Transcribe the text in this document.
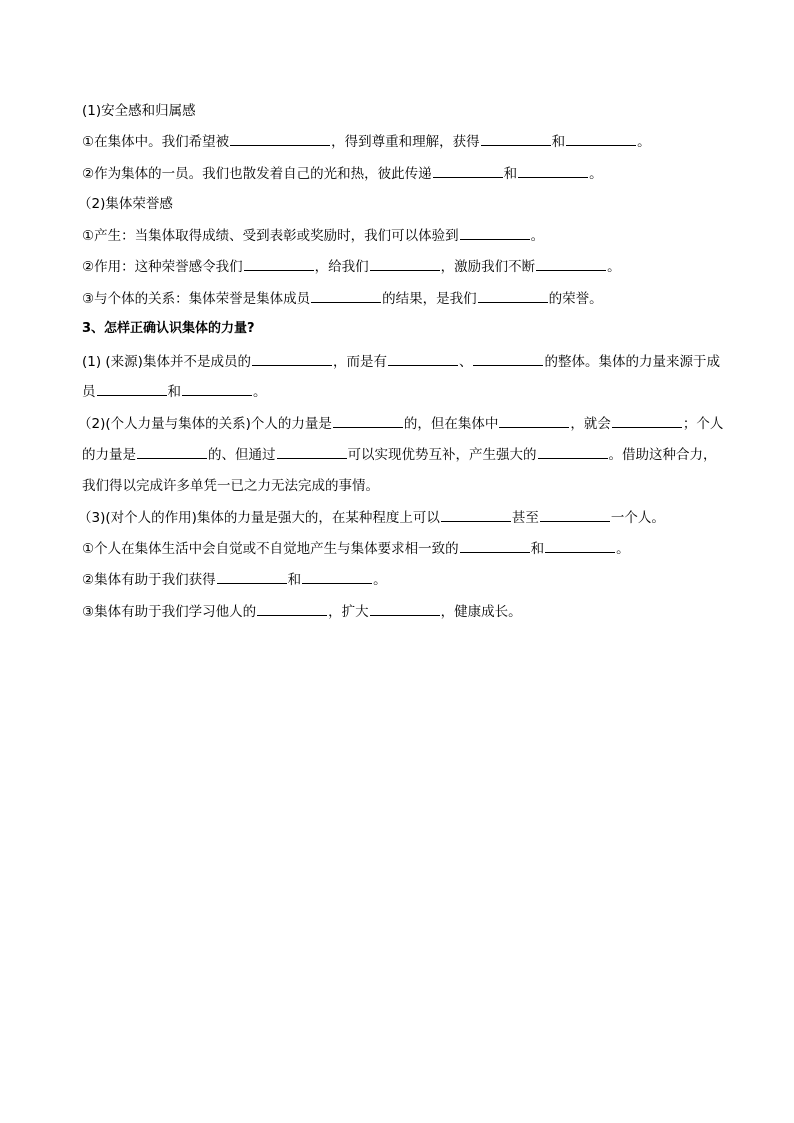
(1)安全感和归属感
①在集体中。我们希望被	，得到尊重和理解，获得	和	。
②作为集体的一员。我们也散发着自己的光和热，彼此传递	和	。
（2)集体荣誉感
①产生：当集体取得成绩、受到表彰或奖励时，我们可以体验到	。
②作用：这种荣誉感令我们	，给我们	，激励我们不断	。
③与个体的关系：集体荣誉是集体成员	的结果，是我们	的荣誉。
3、怎样正确认识集体的力量?
(1) (来源)集体并不是成员的	，而是有	、	的整体。集体的力量来源于成
员	和	。
（2)(个人力量与集体的关系)个人的力量是	的，但在集体中	，就会	；个人
的力量是	的、但通过	可以实现优势互补，产生强大的	。借助这种合力，
我们得以完成许多单凭一已之力无法完成的事情。
（3)(对个人的作用)集体的力量是强大的，在某种程度上可以	甚至	一个人。
①个人在集体生活中会自觉或不自觉地产生与集体要求相一致的	和	。
②集体有助于我们获得	和	。
③集体有助于我们学习他人的	，扩大	，健康成长。
